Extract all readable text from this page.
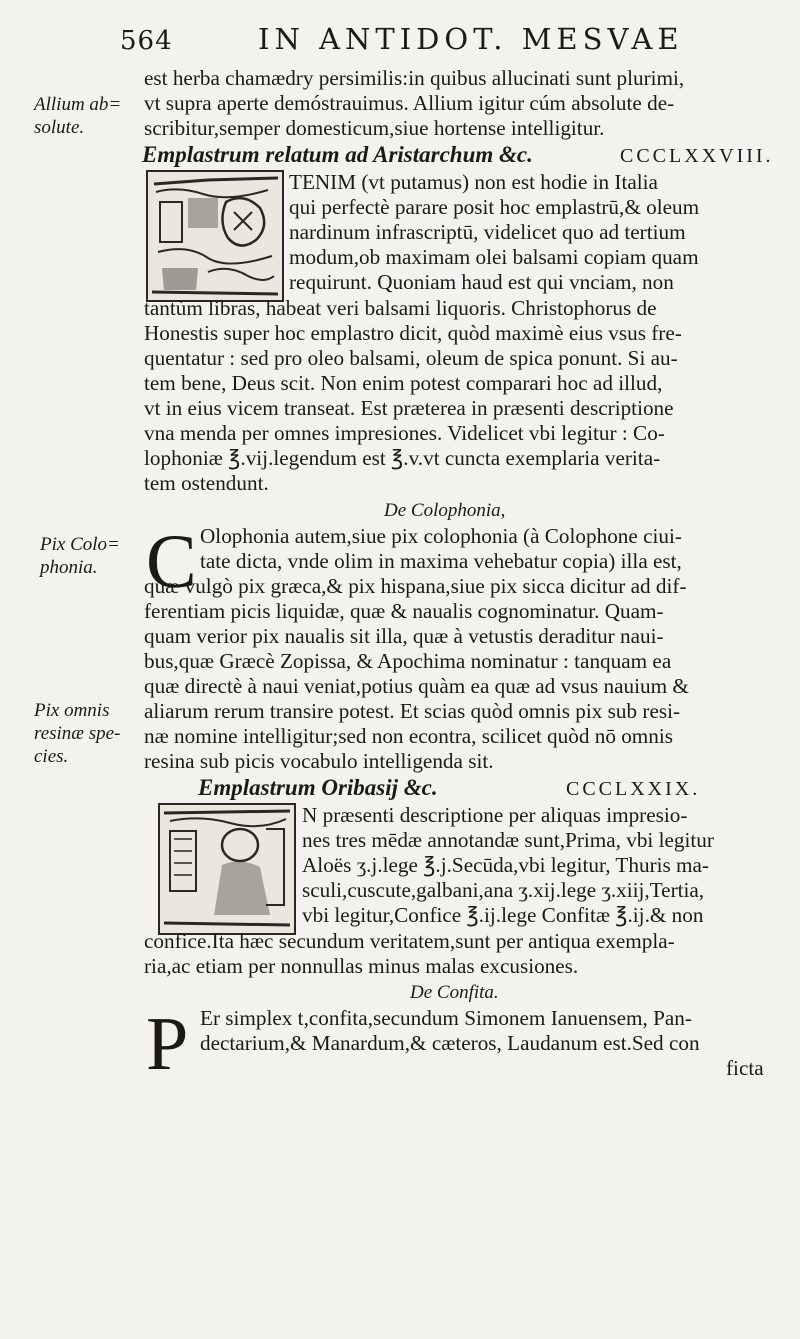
564	IN ANTIDOT. MESVAE
est herba chamædry persimilis:in quibus allucinati sunt plurimi,
vt supra aperte demóstrauimus. Allium igitur cúm absolute de-
scribitur,semper domesticum,siue hortense intelligitur.
Allium ab=
solute.
Emplastrum relatum ad Aristarchum &c.	CCCLXXVIII.
TENIM (vt putamus) non est hodie in Italia
qui perfectè parare posit hoc emplastrū,& oleum
nardinum infrascriptū, videlicet quo ad tertium
modum,ob maximam olei balsami copiam quam
requirunt. Quoniam haud est qui vnciam, non
tantùm libras, habeat veri balsami liquoris. Christophorus de
Honestis super hoc emplastro dicit, quòd maximè eius vsus fre-
quentatur : sed pro oleo balsami, oleum de spica ponunt. Si au-
tem bene, Deus scit. Non enim potest comparari hoc ad illud,
vt in eius vicem transeat. Est præterea in præsenti descriptione
vna menda per omnes impresiones. Videlicet vbi legitur : Co-
lophoniæ ℥.vij.legendum est ℥.v.vt cuncta exemplaria verita-
tem ostendunt.
De Colophonia,
C Olophonia autem,siue pix colophonia (à Colophone ciui-
tate dicta, vnde olim in maxima vehebatur copia) illa est,
quæ vulgò pix græca,& pix hispana,siue pix sicca dicitur ad dif-
ferentiam picis liquidæ, quæ & naualis cognominatur. Quam-
quam verior pix naualis sit illa, quæ à vetustis deraditur naui-
bus,quæ Græcè Zopissa, & Apochima nominatur : tanquam ea
quæ directè à naui veniat,potius quàm ea quæ ad vsus nauium &
aliarum rerum transire potest. Et scias quòd omnis pix sub resi-
næ nomine intelligitur;sed non econtra, scilicet quòd nō omnis
resina sub picis vocabulo intelligenda sit.
Pix Colo=
phonia.
Pix omnis
resinæ spe-
cies.
Emplastrum Oribasij &c.	CCCLXXIX.
N præsenti descriptione per aliquas impresio-
nes tres mēdæ annotandæ sunt,Prima, vbi legitur
Aloës ʒ.j.lege ℥.j.Secūda,vbi legitur, Thuris ma-
sculi,cuscute,galbani,ana ʒ.xij.lege ʒ.xiij,Tertia,
vbi legitur,Confice ℥.ij.lege Confitæ ℥.ij.& non
confice.Ita hæc secundum veritatem,sunt per antiqua exempla-
ria,ac etiam per nonnullas minus malas excusiones.
De Confita.
P Er simplex t,confita,secundum Simonem Ianuensem, Pan-
dectarium,& Manardum,& cæteros, Laudanum est.Sed con
ficta
